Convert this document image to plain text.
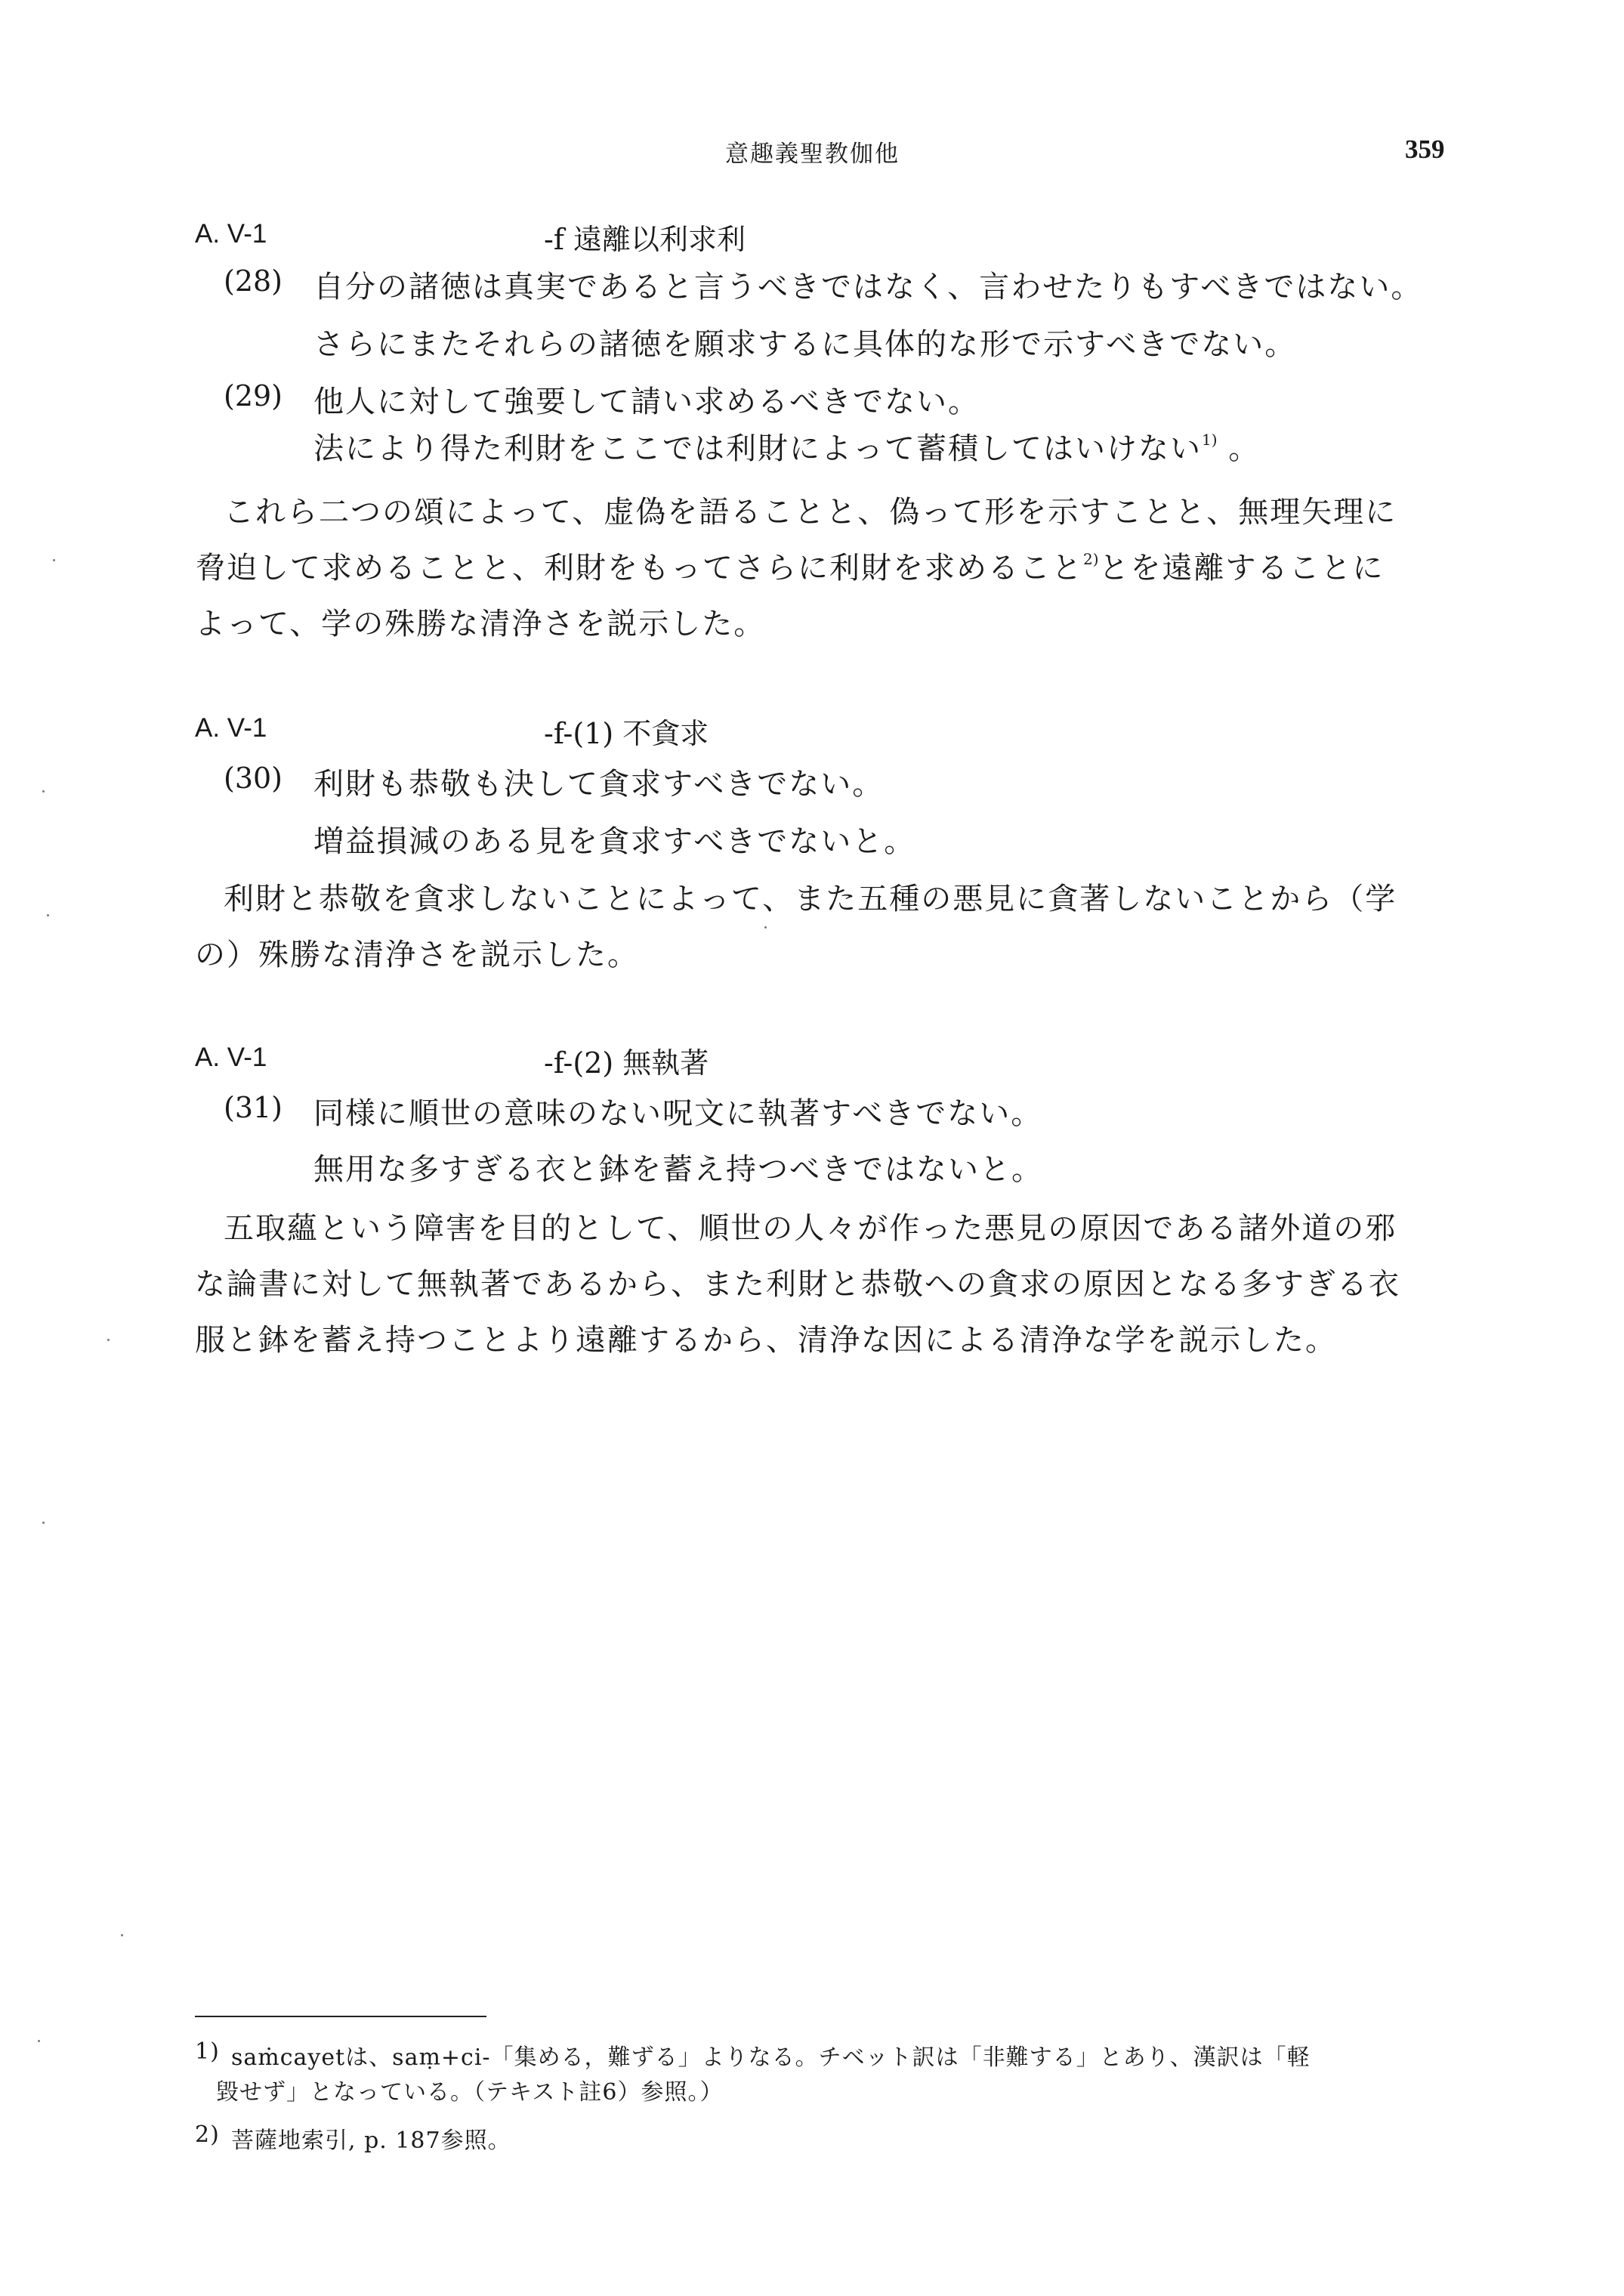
意趣義聖教伽他	359
A. V-1	-f 遠離以利求利
(28) 自分の諸徳は真実であると言うべきではなく、言わせたりもすべきではない。
さらにまたそれらの諸徳を願求するに具体的な形で示すべきでない。
(29) 他人に対して強要して請い求めるべきでない。
法により得た利財をここでは利財によって蓄積してはいけない$^{1)}$ 。
これら二つの頌によって、虚偽を語ることと、偽って形を示すことと、無理矢理に
脅迫して求めることと、利財をもってさらに利財を求めること$^{2)}$とを遠離することに
よって、学の殊勝な清浄さを説示した。
A. V-1	-f-(1) 不貪求
(30) 利財も恭敬も決して貪求すべきでない。
増益損減のある見を貪求すべきでないと。
利財と恭敬を貪求しないことによって、また五種の悪見に貪著しないことから（学
の）殊勝な清浄さを説示した。
A. V-1	-f-(2) 無執著
(31) 同様に順世の意味のない呪文に執著すべきでない。
無用な多すぎる衣と鉢を蓄え持つべきではないと。
五取蘊という障害を目的として、順世の人々が作った悪見の原因である諸外道の邪
な論書に対して無執著であるから、また利財と恭敬への貪求の原因となる多すぎる衣
服と鉢を蓄え持つことより遠離するから、清浄な因による清浄な学を説示した。
1) saṁcayetは、saṃ+ci-「集める，難ずる」よりなる。チベット訳は「非難する」とあり、漢訳は「軽
毀せず」となっている。（テキスト註6）参照。）
2) 菩薩地索引, p. 187参照。
